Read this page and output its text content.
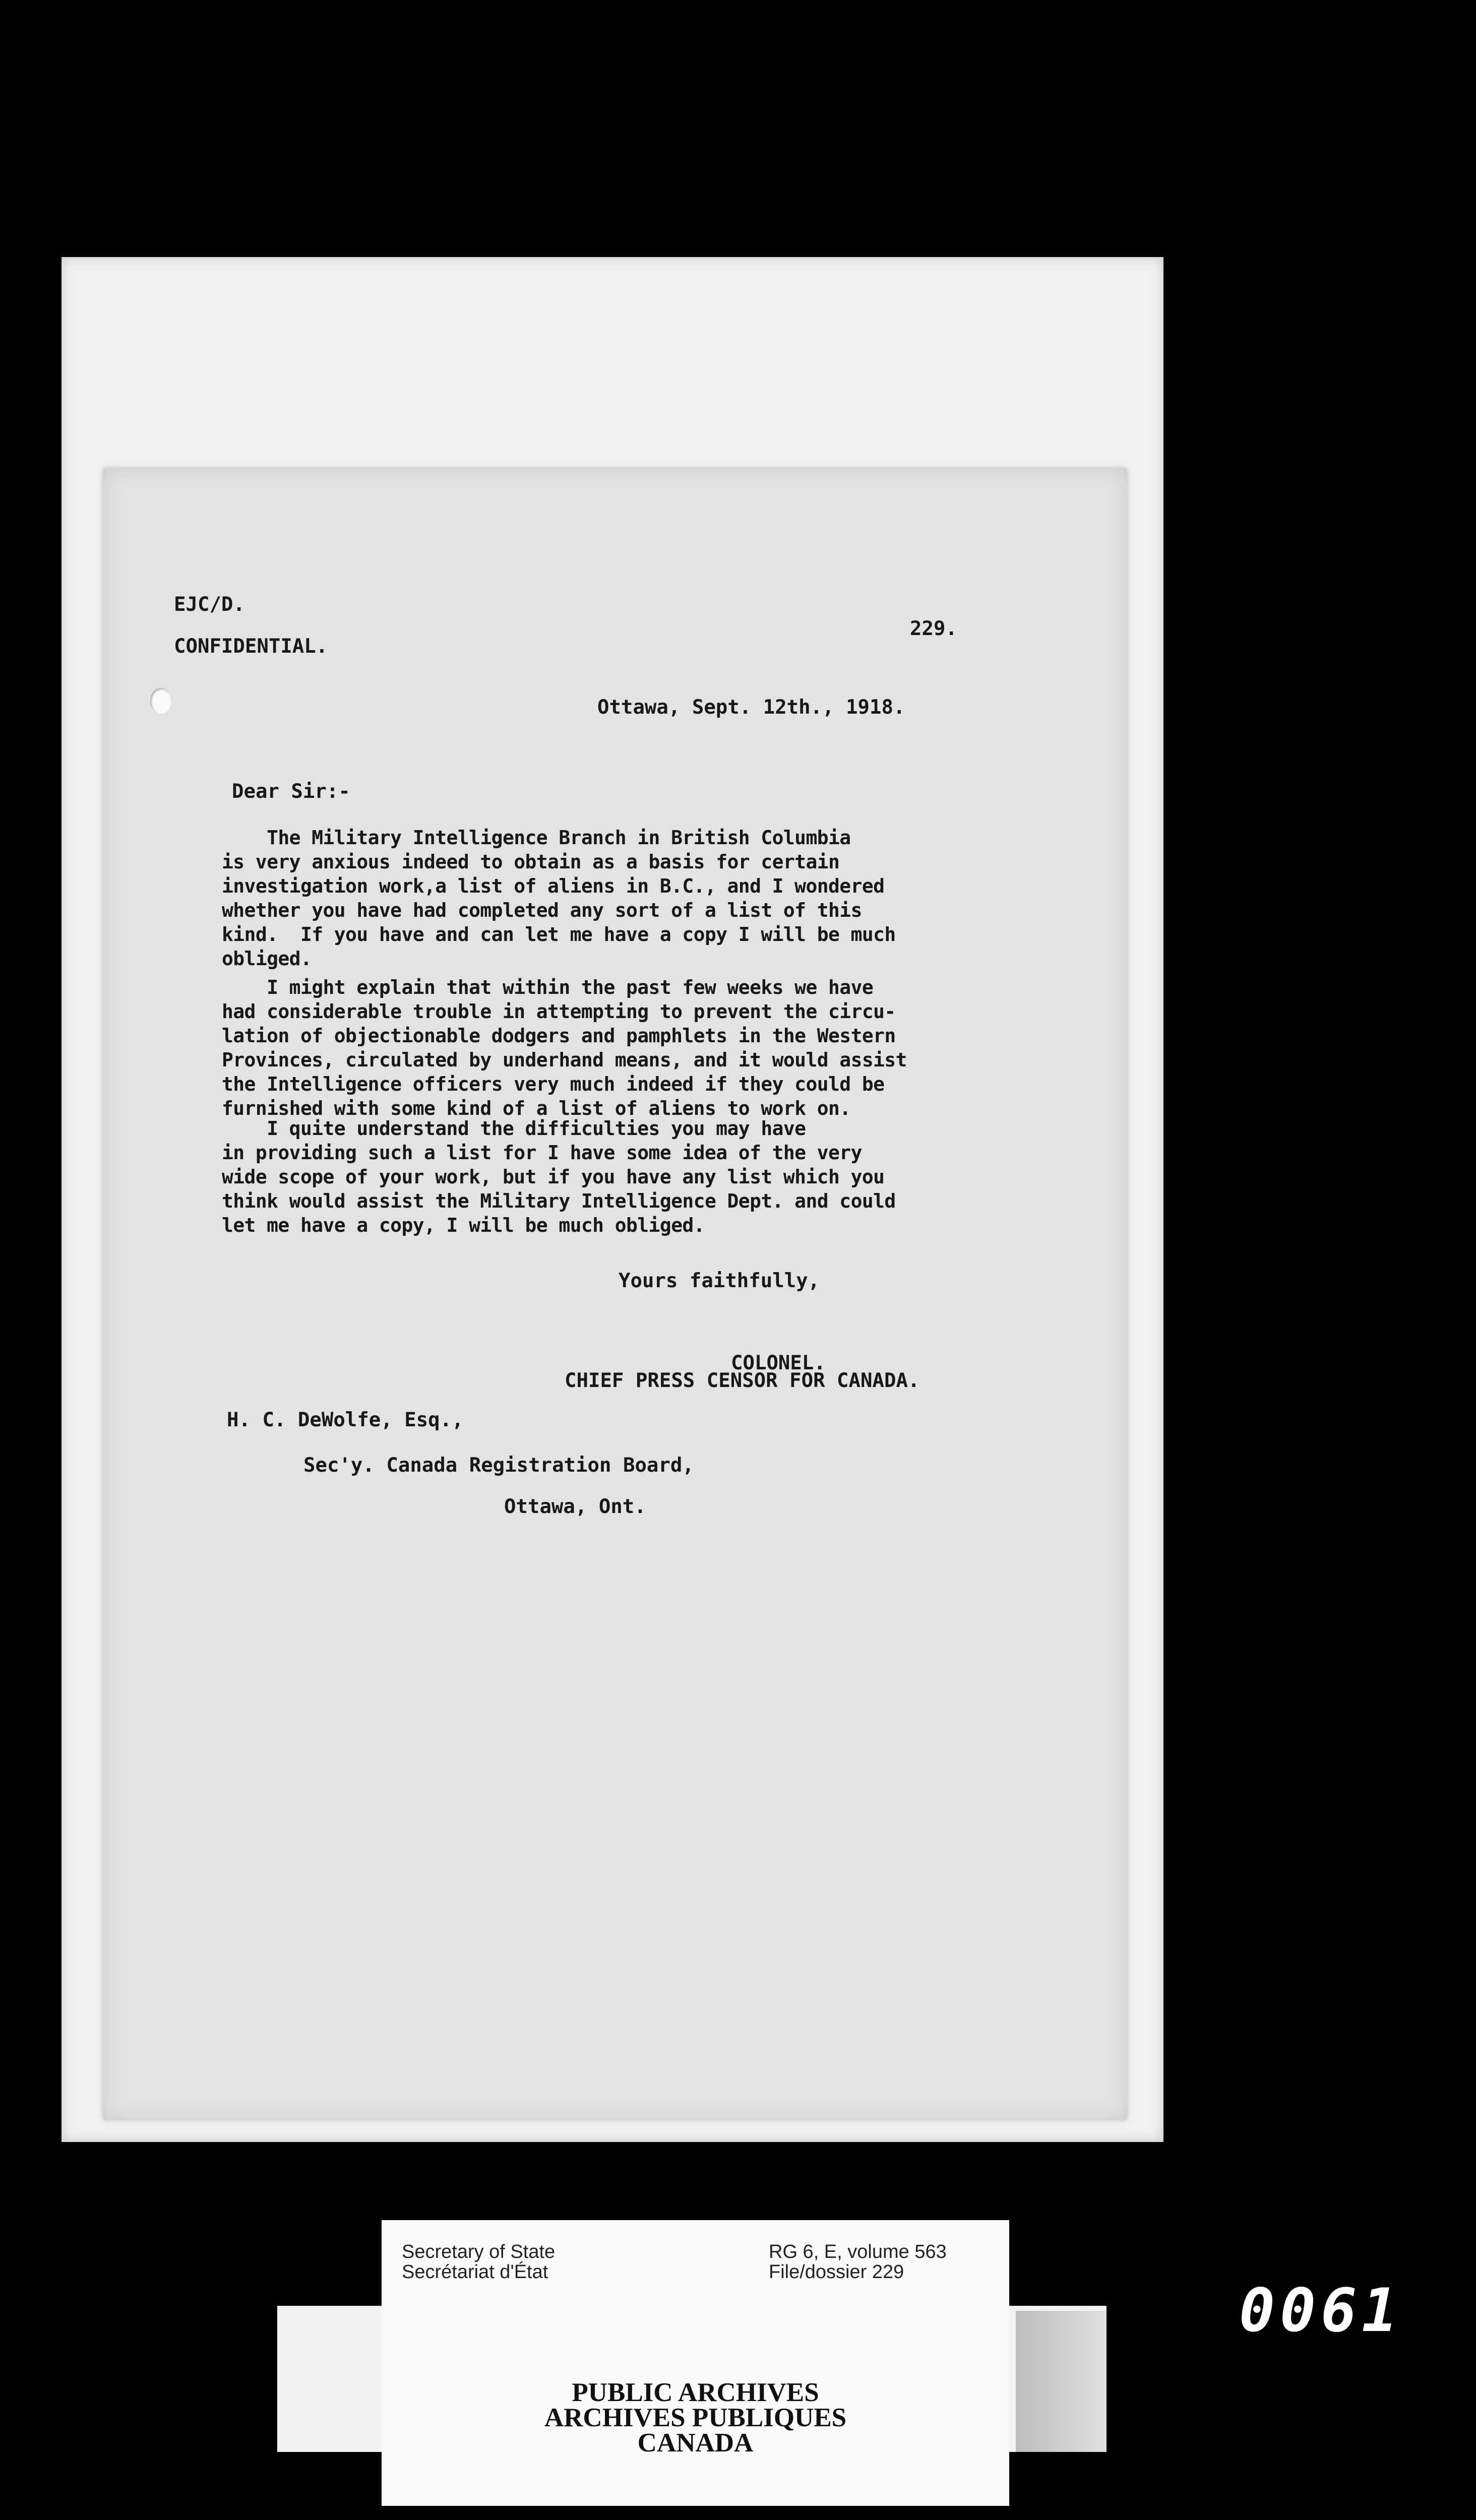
EJC/D.
CONFIDENTIAL.
229.
Ottawa, Sept. 12th., 1918.
Dear Sir:-
The Military Intelligence Branch in British Columbia
is very anxious indeed to obtain as a basis for certain
investigation work,a list of aliens in B.C., and I wondered
whether you have had completed any sort of a list of this
kind.  If you have and can let me have a copy I will be much
obliged.
I might explain that within the past few weeks we have
had considerable trouble in attempting to prevent the circu-
lation of objectionable dodgers and pamphlets in the Western
Provinces, circulated by underhand means, and it would assist
the Intelligence officers very much indeed if they could be
furnished with some kind of a list of aliens to work on.
I quite understand the difficulties you may have
in providing such a list for I have some idea of the very
wide scope of your work, but if you have any list which you
think would assist the Military Intelligence Dept. and could
let me have a copy, I will be much obliged.
Yours faithfully,
COLONEL.
CHIEF PRESS CENSOR FOR CANADA.
H. C. DeWolfe, Esq.,
Sec'y. Canada Registration Board,
Ottawa, Ont.
Secretary of State
Secrétariat d'État
RG 6, E, volume 563
File/dossier 229
PUBLIC ARCHIVES
ARCHIVES PUBLIQUES
CANADA
0061
